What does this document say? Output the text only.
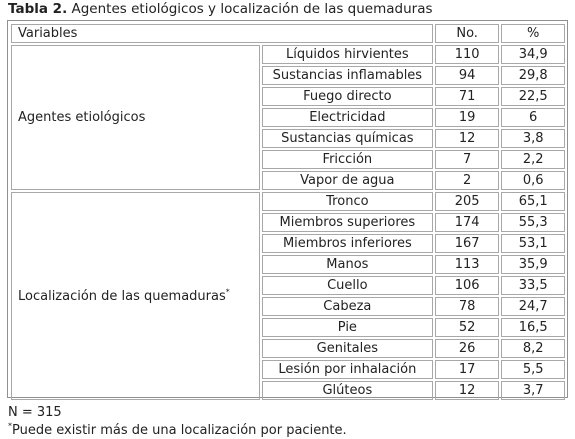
Tabla 2. Agentes etiológicos y localización de las quemaduras
Variables		No.	%
Agentes etiológicos	Líquidos hirvientes	110	34,9
	Sustancias inflamables	94	29,8
	Fuego directo	71	22,5
	Electricidad	19	6
	Sustancias químicas	12	3,8
	Fricción	7	2,2
	Vapor de agua	2	0,6
Localización de las quemaduras*	Tronco	205	65,1
	Miembros superiores	174	55,3
	Miembros inferiores	167	53,1
	Manos	113	35,9
	Cuello	106	33,5
	Cabeza	78	24,7
	Pie	52	16,5
	Genitales	26	8,2
	Lesión por inhalación	17	5,5
	Glúteos	12	3,7
N = 315
*Puede existir más de una localización por paciente.
